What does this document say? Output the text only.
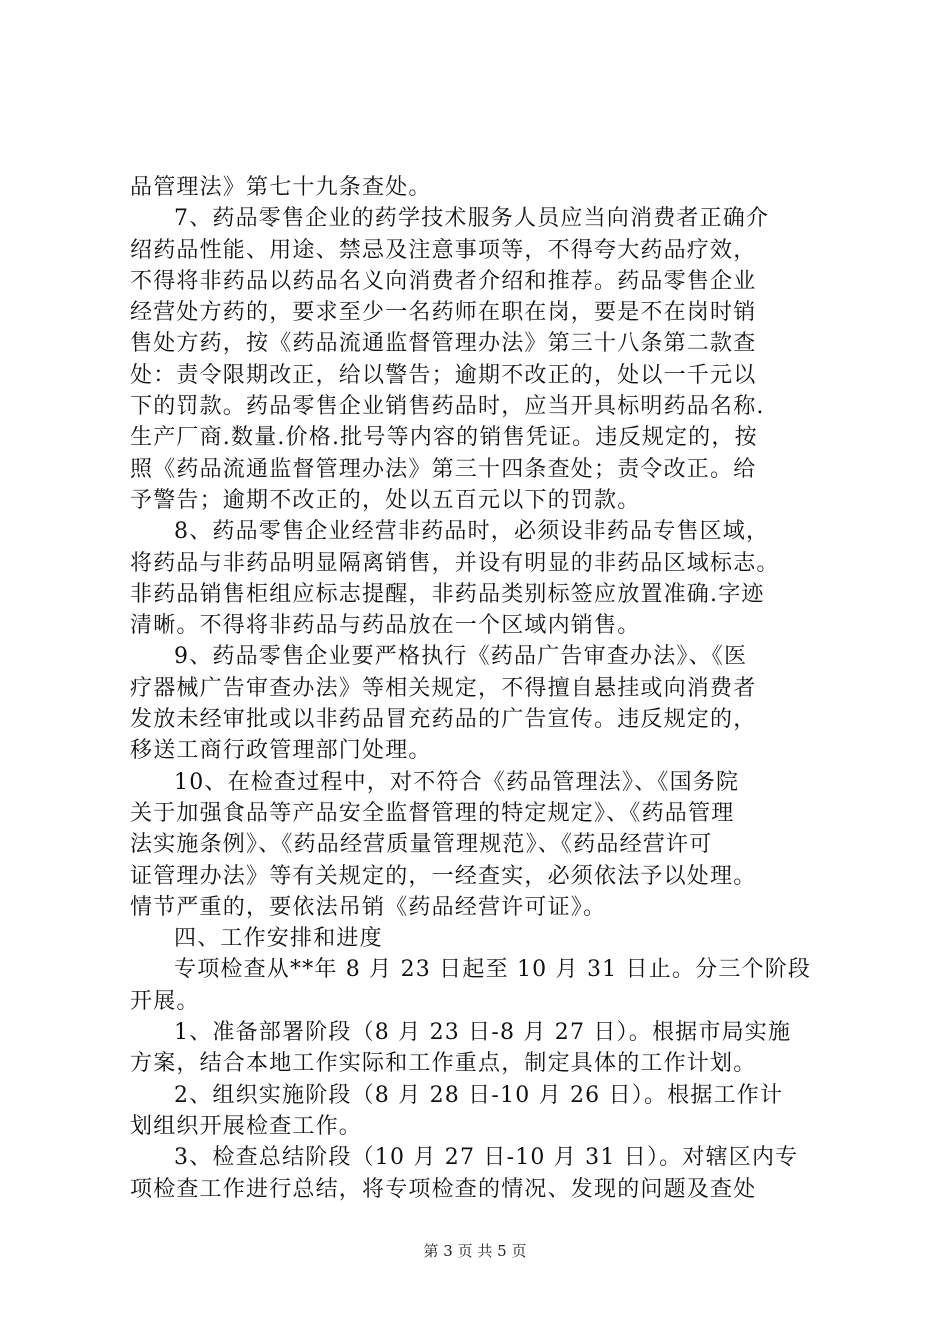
品管理法》第七十九条查处。
7、药品零售企业的药学技术服务人员应当向消费者正确介
绍药品性能、用途、禁忌及注意事项等，不得夸大药品疗效，
不得将非药品以药品名义向消费者介绍和推荐。药品零售企业
经营处方药的，要求至少一名药师在职在岗，要是不在岗时销
售处方药，按《药品流通监督管理办法》第三十八条第二款查
处：责令限期改正，给以警告；逾期不改正的，处以一千元以
下的罚款。药品零售企业销售药品时，应当开具标明药品名称.
生产厂商.数量.价格.批号等内容的销售凭证。违反规定的，按
照《药品流通监督管理办法》第三十四条查处；责令改正。给
予警告；逾期不改正的，处以五百元以下的罚款。
8、药品零售企业经营非药品时，必须设非药品专售区域，
将药品与非药品明显隔离销售，并设有明显的非药品区域标志。
非药品销售柜组应标志提醒，非药品类别标签应放置准确.字迹
清晰。不得将非药品与药品放在一个区域内销售。
9、药品零售企业要严格执行《药品广告审查办法》、《医
疗器械广告审查办法》等相关规定，不得擅自悬挂或向消费者
发放未经审批或以非药品冒充药品的广告宣传。违反规定的，
移送工商行政管理部门处理。
10、在检查过程中，对不符合《药品管理法》、《国务院
关于加强食品等产品安全监督管理的特定规定》、《药品管理
法实施条例》、《药品经营质量管理规范》、《药品经营许可
证管理办法》等有关规定的，一经查实，必须依法予以处理。
情节严重的，要依法吊销《药品经营许可证》。
四、工作安排和进度
专项检查从**年 8 月 23 日起至 10 月 31 日止。分三个阶段
开展。
1、准备部署阶段（8 月 23 日-8 月 27 日）。根据市局实施
方案，结合本地工作实际和工作重点，制定具体的工作计划。
2、组织实施阶段（8 月 28 日-10 月 26 日）。根据工作计
划组织开展检查工作。
3、检查总结阶段（10 月 27 日-10 月 31 日）。对辖区内专
项检查工作进行总结，将专项检查的情况、发现的问题及查处
第 3 页 共 5 页
